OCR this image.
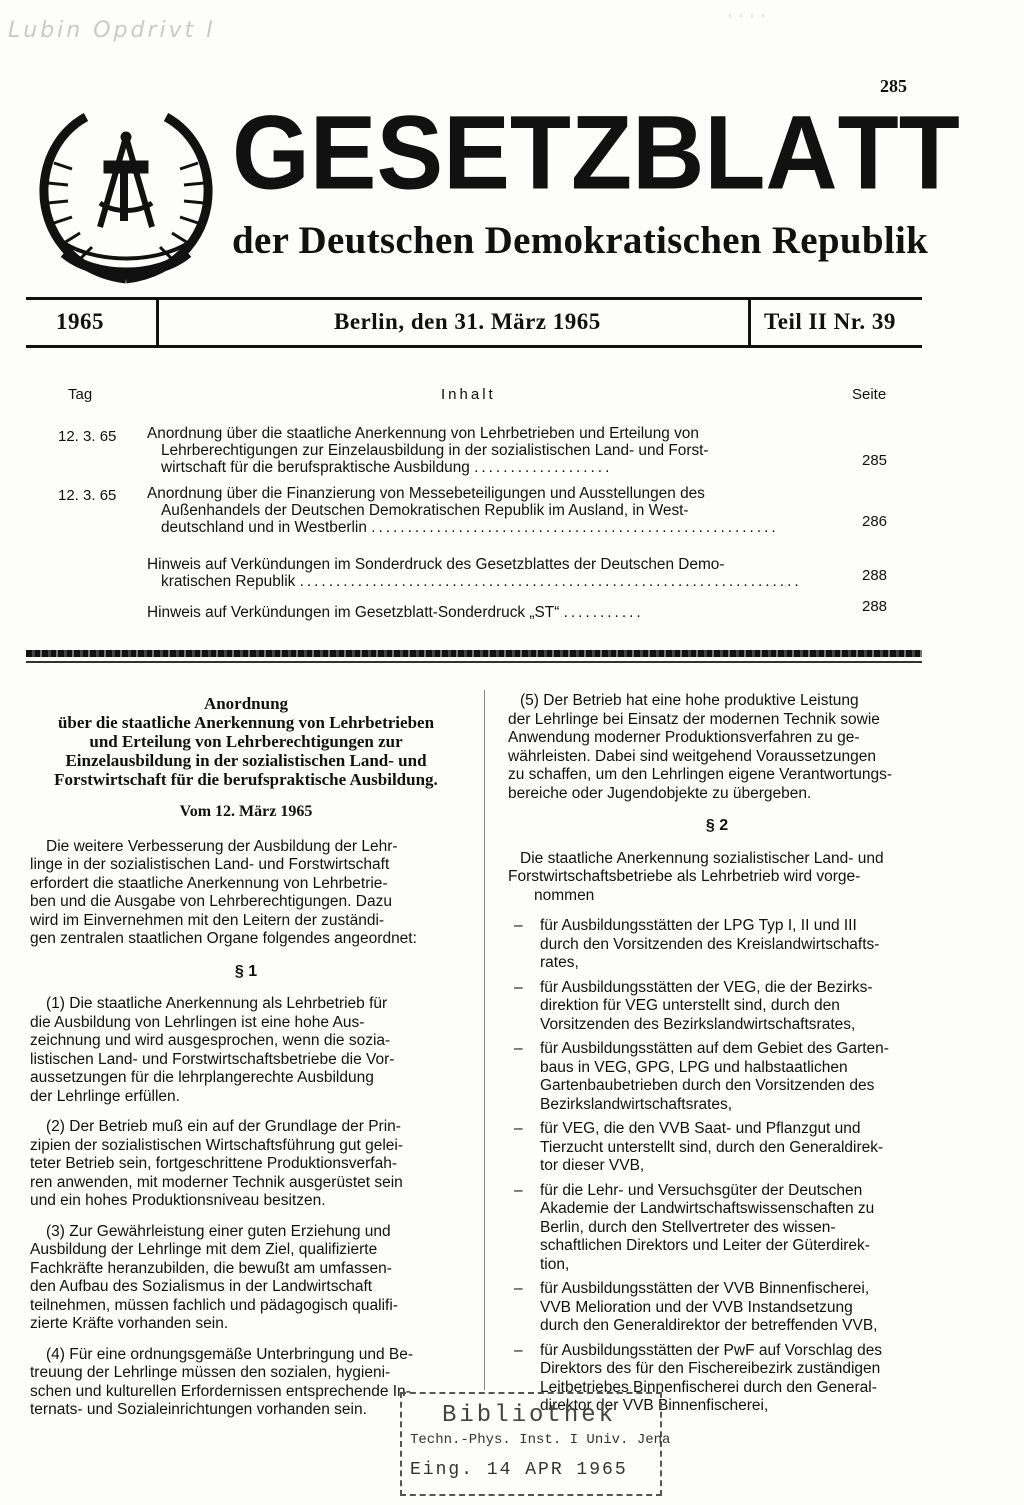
Lubin Opdrivt I	' ' ' '
285
G E S E T Z B L A T T
der Deutschen Demokratischen Republik
1965	Berlin, den 31. März 1965	Teil II Nr. 39
Tag	Inhalt	Seite
12. 3. 65 Anordnung über die staatliche Anerkennung von Lehrbetrieben und Erteilung von
Lehrberechtigungen zur Einzelausbildung in der sozialistischen Land- und Forst-
wirtschaft für die berufspraktische Ausbildung ...................	285
12. 3. 65 Anordnung über die Finanzierung von Messebeteiligungen und Ausstellungen des
Außenhandels der Deutschen Demokratischen Republik im Ausland, in West-
deutschland und in Westberlin ........................................................	286
Hinweis auf Verkündungen im Sonderdruck des Gesetzblattes der Deutschen Demo-
kratischen Republik .....................................................................	288
Hinweis auf Verkündungen im Gesetzblatt-Sonderdruck „ST“ ...........	288
Anordnung
über die staatliche Anerkennung von Lehrbetrieben
und Erteilung von Lehrberechtigungen zur
Einzelausbildung in der sozialistischen Land- und
Forstwirtschaft für die berufspraktische Ausbildung.
Vom 12. März 1965

Die weitere Verbesserung der Ausbildung der Lehr-
linge in der sozialistischen Land- und Forstwirtschaft
erfordert die staatliche Anerkennung von Lehrbetrie-
ben und die Ausgabe von Lehrberechtigungen. Dazu
wird im Einvernehmen mit den Leitern der zuständi-
gen zentralen staatlichen Organe folgendes angeordnet:

§ 1

(1) Die staatliche Anerkennung als Lehrbetrieb für
die Ausbildung von Lehrlingen ist eine hohe Aus-
zeichnung und wird ausgesprochen, wenn die sozia-
listischen Land- und Forstwirtschaftsbetriebe die Vor-
aussetzungen für die lehrplangerechte Ausbildung
der Lehrlinge erfüllen.

(2) Der Betrieb muß ein auf der Grundlage der Prin-
zipien der sozialistischen Wirtschaftsführung gut gelei-
teter Betrieb sein, fortgeschrittene Produktionsverfah-
ren anwenden, mit moderner Technik ausgerüstet sein
und ein hohes Produktionsniveau besitzen.

(3) Zur Gewährleistung einer guten Erziehung und
Ausbildung der Lehrlinge mit dem Ziel, qualifizierte
Fachkräfte heranzubilden, die bewußt am umfassen-
den Aufbau des Sozialismus in der Landwirtschaft
teilnehmen, müssen fachlich und pädagogisch qualifi-
zierte Kräfte vorhanden sein.

(4) Für eine ordnungsgemäße Unterbringung und Be-
treuung der Lehrlinge müssen den sozialen, hygieni-
schen und kulturellen Erfordernissen entsprechende In-
ternats- und Sozialeinrichtungen vorhanden sein.

(5) Der Betrieb hat eine hohe produktive Leistung
der Lehrlinge bei Einsatz der modernen Technik sowie
Anwendung moderner Produktionsverfahren zu ge-
währleisten. Dabei sind weitgehend Voraussetzungen
zu schaffen, um den Lehrlingen eigene Verantwortungs-
bereiche oder Jugendobjekte zu übergeben.

§ 2

Die staatliche Anerkennung sozialistischer Land- und
Forstwirtschaftsbetriebe als Lehrbetrieb wird vorge-
nommen

–	für Ausbildungsstätten der LPG Typ I, II und III
durch den Vorsitzenden des Kreislandwirtschafts-
rates,
–	für Ausbildungsstätten der VEG, die der Bezirks-
direktion für VEG unterstellt sind, durch den
Vorsitzenden des Bezirkslandwirtschaftsrates,
–	für Ausbildungsstätten auf dem Gebiet des Garten-
baus in VEG, GPG, LPG und halbstaatlichen
Gartenbaubetrieben durch den Vorsitzenden des
Bezirkslandwirtschaftsrates,
–	für VEG, die den VVB Saat- und Pflanzgut und
Tierzucht unterstellt sind, durch den Generaldirek-
tor dieser VVB,
–	für die Lehr- und Versuchsgüter der Deutschen
Akademie der Landwirtschaftswissenschaften zu
Berlin, durch den Stellvertreter des wissen-
schaftlichen Direktors und Leiter der Güterdirek-
tion,
–	für Ausbildungsstätten der VVB Binnenfischerei,
VVB Melioration und der VVB Instandsetzung
durch den Generaldirektor der betreffenden VVB,
–	für Ausbildungsstätten der PwF auf Vorschlag des
Direktors des für den Fischereibezirk zuständigen
Leitbetriebes Binnenfischerei durch den General-
direktor der VVB Binnenfischerei,
Bibliothek
Techn.-Phys. Inst. I Univ. Jena
Eing. 14 APR 1965
